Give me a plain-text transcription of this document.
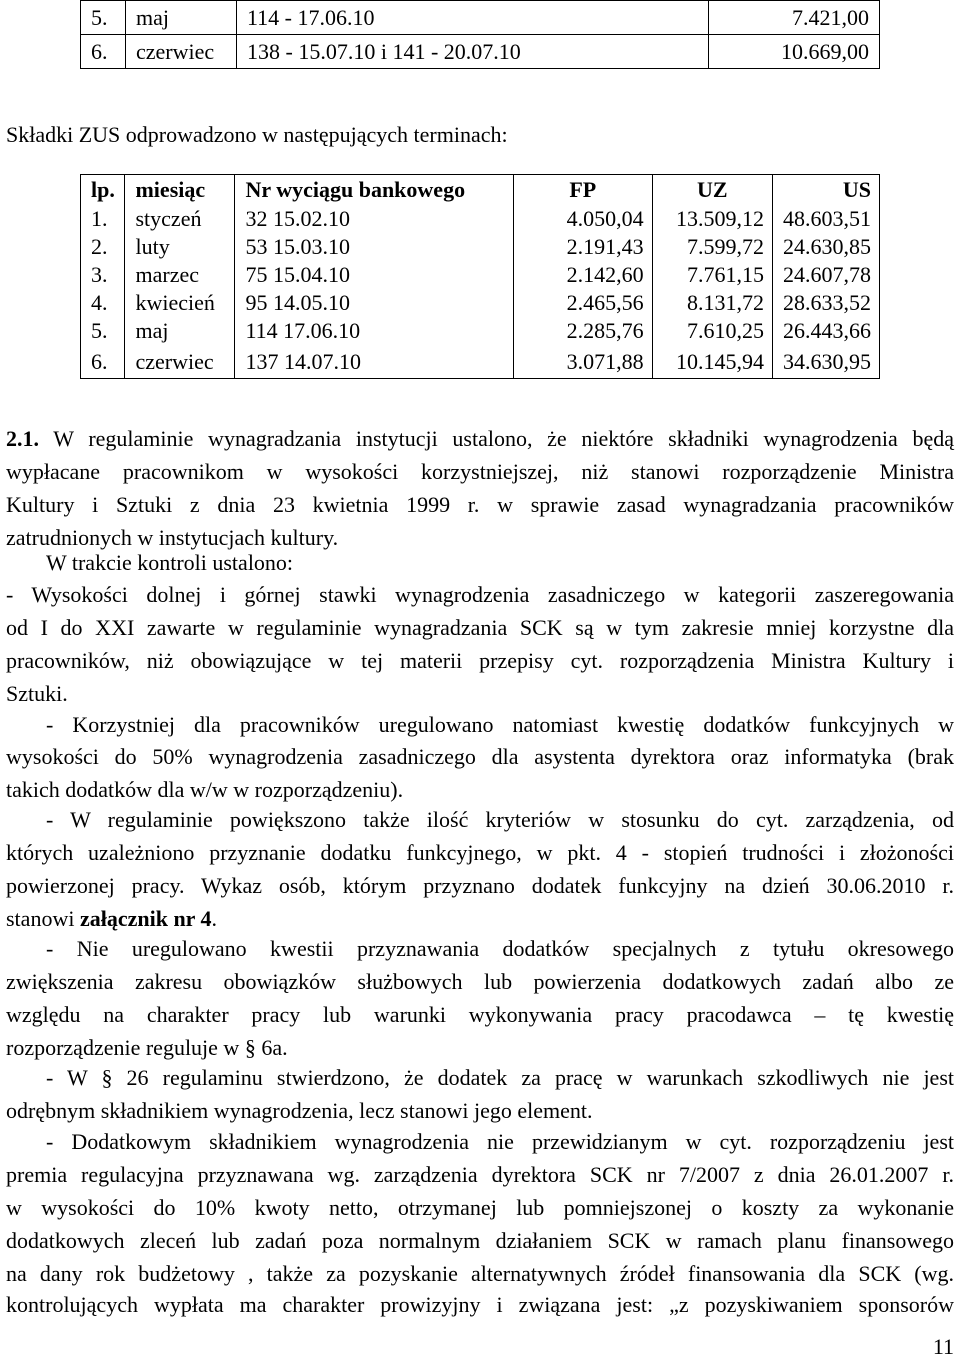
5.	maj	114 - 17.06.10	7.421,00
6.	czerwiec	138 - 15.07.10 i 141 - 20.07.10	10.669,00
Składki ZUS odprowadzono w następujących terminach:
lp.	miesiąc	Nr wyciągu bankowego	FP	UZ	US
1.	styczeń	32 15.02.10	4.050,04	13.509,12	48.603,51
2.	luty	53 15.03.10	2.191,43	7.599,72	24.630,85
3.	marzec	75 15.04.10	2.142,60	7.761,15	24.607,78
4.	kwiecień	95 14.05.10	2.465,56	8.131,72	28.633,52
5.	maj	114 17.06.10	2.285,76	7.610,25	26.443,66
6.	czerwiec	137 14.07.10	3.071,88	10.145,94	34.630,95
2.1. W regulaminie wynagradzania instytucji ustalono, że niektóre składniki wynagrodzenia będą
wypłacane pracownikom w wysokości korzystniejszej, niż stanowi rozporządzenie Ministra
Kultury i Sztuki z dnia 23 kwietnia 1999 r. w sprawie zasad wynagradzania pracowników
zatrudnionych w instytucjach kultury.
W trakcie kontroli ustalono:
- Wysokości dolnej i górnej stawki wynagrodzenia zasadniczego w kategorii zaszeregowania
od I do XXI zawarte w regulaminie wynagradzania SCK są w tym zakresie mniej korzystne dla
pracowników, niż obowiązujące w tej materii przepisy cyt. rozporządzenia Ministra Kultury i
Sztuki.
- Korzystniej dla pracowników uregulowano natomiast kwestię dodatków funkcyjnych w
wysokości do 50% wynagrodzenia zasadniczego dla asystenta dyrektora oraz informatyka (brak
takich dodatków dla w/w w rozporządzeniu).
- W regulaminie powiększono także ilość kryteriów w stosunku do cyt. zarządzenia, od
których uzależniono przyznanie dodatku funkcyjnego, w pkt. 4 - stopień trudności i złożoności
powierzonej pracy. Wykaz osób, którym przyznano dodatek funkcyjny na dzień 30.06.2010 r.
stanowi załącznik nr 4.
- Nie uregulowano kwestii przyznawania dodatków specjalnych z tytułu okresowego
zwiększenia zakresu obowiązków służbowych lub powierzenia dodatkowych zadań albo ze
względu na charakter pracy lub warunki wykonywania pracy pracodawca – tę kwestię
rozporządzenie reguluje w § 6a.
- W § 26 regulaminu stwierdzono, że dodatek za pracę w warunkach szkodliwych nie jest
odrębnym składnikiem wynagrodzenia, lecz stanowi jego element.
- Dodatkowym składnikiem wynagrodzenia nie przewidzianym w cyt. rozporządzeniu jest
premia regulacyjna przyznawana wg. zarządzenia dyrektora SCK nr 7/2007 z dnia 26.01.2007 r.
w wysokości do 10% kwoty netto, otrzymanej lub pomniejszonej o koszty za wykonanie
dodatkowych zleceń lub zadań poza normalnym działaniem SCK w ramach planu finansowego
na dany rok budżetowy , także za pozyskanie alternatywnych źródeł finansowania dla SCK (wg.
kontrolujących wypłata ma charakter prowizyjny i związana jest: „z pozyskiwaniem sponsorów
11
